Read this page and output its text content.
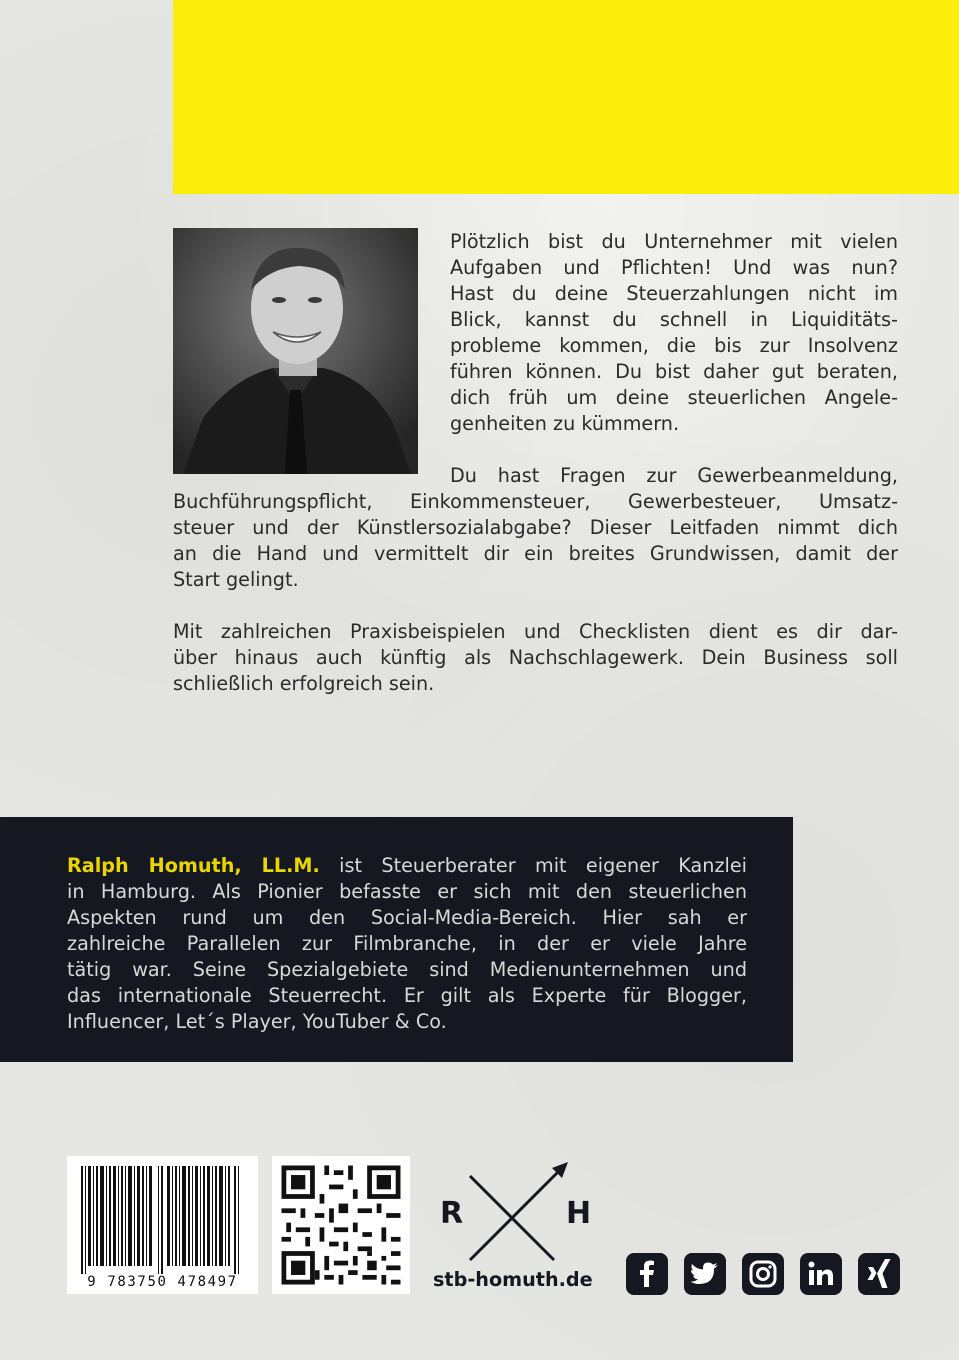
Plötzlich bist du Unternehmer mit vielen
Aufgaben und Pflichten! Und was nun?
Hast du deine Steuerzahlungen nicht im
Blick, kannst du schnell in Liquiditäts-
probleme kommen, die bis zur Insolvenz
führen können. Du bist daher gut beraten,
dich früh um deine steuerlichen Angele-
genheiten zu kümmern.
Du hast Fragen zur Gewerbeanmeldung,
Buchführungspflicht, Einkommensteuer, Gewerbesteuer, Umsatz-
steuer und der Künstlersozialabgabe? Dieser Leitfaden nimmt dich
an die Hand und vermittelt dir ein breites Grundwissen, damit der
Start gelingt.
Mit zahlreichen Praxisbeispielen und Checklisten dient es dir dar-
über hinaus auch künftig als Nachschlagewerk. Dein Business soll
schließlich erfolgreich sein.
Ralph Homuth, LL.M. ist Steuerberater mit eigener Kanzlei
in Hamburg. Als Pionier befasste er sich mit den steuerlichen
Aspekten rund um den Social-Media-Bereich. Hier sah er
zahlreiche Parallelen zur Filmbranche, in der er viele Jahre
tätig war. Seine Spezialgebiete sind Medienunternehmen und
das internationale Steuerrecht. Er gilt als Experte für Blogger,
Influencer, Let´s Player, YouTuber & Co.
9 783750 478497
R	H
stb-homuth.de
